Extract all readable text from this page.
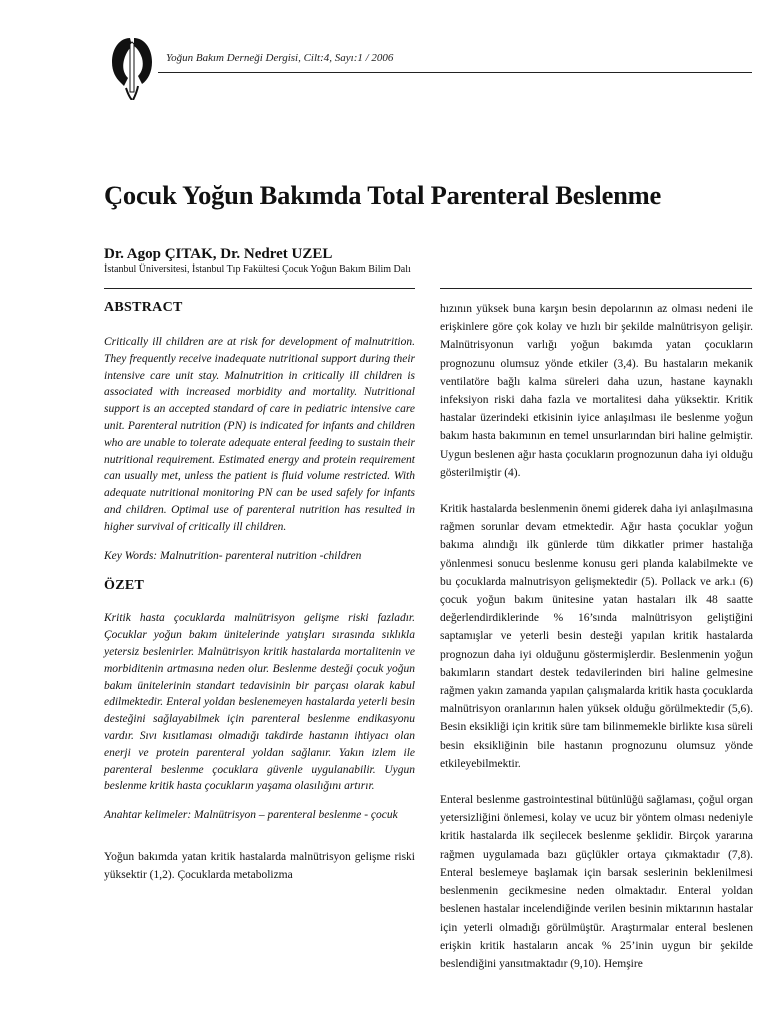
Yoğun Bakım Derneği Dergisi, Cilt:4, Sayı:1 / 2006
Çocuk Yoğun Bakımda Total Parenteral Beslenme
Dr. Agop ÇITAK, Dr. Nedret UZEL
İstanbul Üniversitesi, İstanbul Tıp Fakültesi Çocuk Yoğun Bakım Bilim Dalı
ABSTRACT

Critically ill children are at risk for development of malnutrition. They frequently receive inadequate nutritional support during their intensive care unit stay. Malnutrition in critically ill children is associated with increased morbidity and mortality. Nutritional support is an accepted standard of care in pediatric intensive care unit. Parenteral nutrition (PN) is indicated for infants and children who are unable to tolerate adequate enteral feeding to sustain their nutritional requirement. Estimated energy and protein requirement can usually met, unless the patient is fluid volume restricted. With adequate nutritional monitoring PN can be used safely for infants and children. Optimal use of parenteral nutrition has resulted in higher survival of critically ill children.

Key Words: Malnutrition- parenteral nutrition -children

ÖZET

Kritik hasta çocuklarda malnütrisyon gelişme riski fazladır. Çocuklar yoğun bakım ünitelerinde yatışları sırasında sıklıkla yetersiz beslenirler. Malnütrisyon kritik hastalarda mortalitenin ve morbiditenin artmasına neden olur. Beslenme desteği çocuk yoğun bakım ünitelerinin standart tedavisinin bir parçası olarak kabul edilmektedir. Enteral yoldan beslenemeyen hastalarda yeterli besin desteğini sağlayabilmek için parenteral beslenme endikasyonu vardır. Sıvı kısıtlaması olmadığı takdirde hastanın ihtiyacı olan enerji ve protein parenteral yoldan sağlanır. Yakın izlem ile parenteral beslenme çocuklara güvenle uygulanabilir. Uygun beslenme kritik hasta çocukların yaşama olasılığını artırır.

Anahtar kelimeler: Malnütrisyon – parenteral beslenme - çocuk

Yoğun bakımda yatan kritik hastalarda malnütrisyon gelişme riski yüksektir (1,2). Çocuklarda metabolizma

hızının yüksek buna karşın besin depolarının az olması nedeni ile erişkinlere göre çok kolay ve hızlı bir şekilde malnütrisyon gelişir. Malnütrisyonun varlığı yoğun bakımda yatan çocukların prognozunu olumsuz yönde etkiler (3,4). Bu hastaların mekanik ventilatöre bağlı kalma süreleri daha uzun, hastane kaynaklı infeksiyon riski daha fazla ve mortalitesi daha yüksektir. Kritik hastalar üzerindeki etkisinin iyice anlaşılması ile beslenme yoğun bakım hasta bakımının en temel unsurlarından biri haline gelmiştir. Uygun beslenen ağır hasta çocukların prognozunun daha iyi olduğu gösterilmiştir (4).

Kritik hastalarda beslenmenin önemi giderek daha iyi anlaşılmasına rağmen sorunlar devam etmektedir. Ağır hasta çocuklar yoğun bakıma alındığı ilk günlerde tüm dikkatler primer hastalığa yönlenmesi sonucu beslenme konusu geri planda kalabilmekte ve bu çocuklarda malnutrisyon gelişmektedir (5). Pollack ve ark.ı (6) çocuk yoğun bakım ünitesine yatan hastaları ilk 48 saatte değerlendirdiklerinde % 16’sında malnütrisyon geliştiğini saptamışlar ve yeterli besin desteği yapılan kritik hastalarda prognozun daha iyi olduğunu göstermişlerdir. Beslenmenin yoğun bakımların standart destek tedavilerinden biri haline gelmesine rağmen yakın zamanda yapılan çalışmalarda kritik hasta çocuklarda malnütrisyon oranlarının halen yüksek olduğu görülmektedir (5,6). Besin eksikliği için kritik süre tam bilinmemekle birlikte kısa süreli besin eksikliğinin bile hastanın prognozunu olumsuz yönde etkileyebilmektir.

Enteral beslenme gastrointestinal bütünlüğü sağlaması, çoğul organ yetersizliğini önlemesi, kolay ve ucuz bir yöntem olması nedeniyle kritik hastalarda ilk seçilecek beslenme şeklidir. Birçok yararına rağmen uygulamada bazı güçlükler ortaya çıkmaktadır (7,8). Enteral beslemeye başlamak için barsak seslerinin beklenilmesi beslenmenin gecikmesine neden olmaktadır. Enteral yoldan beslenen hastalar incelendiğinde verilen besinin miktarının hastalar için yeterli olmadığı görülmüştür. Araştırmalar enteral beslenen erişkin kritik hastaların ancak % 25’inin uygun bir şekilde beslendiğini yansıtmaktadır (9,10). Hemşire
